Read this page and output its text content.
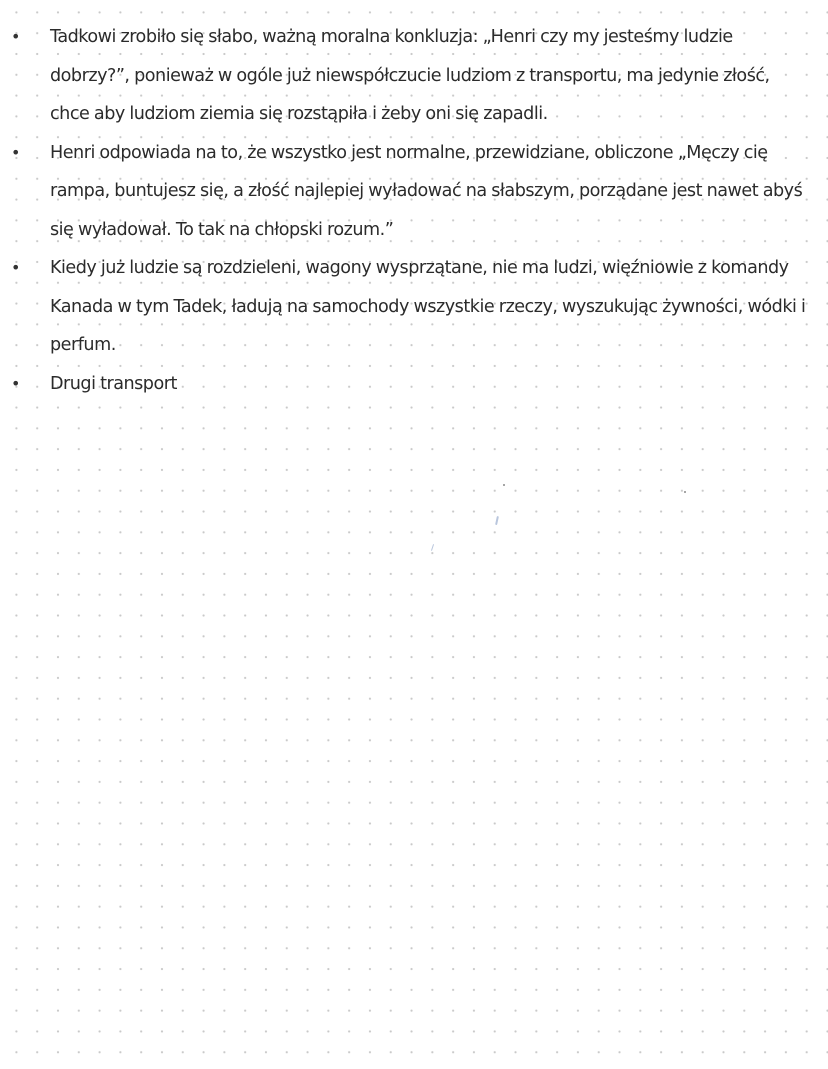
• Tadkowi zrobiło się słabo, ważną moralna konkluzja: „Henri czy my jesteśmy ludzie dobrzy?”, ponieważ w ogóle już niewspółczucie ludziom z transportu, ma jedynie złość, chce aby ludziom ziemia się rozstąpiła i żeby oni się zapadli.
• Henri odpowiada na to, że wszystko jest normalne, przewidziane, obliczone „Męczy cię rampa, buntujesz się, a złość najlepiej wyładować na słabszym, porządane jest nawet abyś się wyładował. To tak na chłopski rozum.”
• Kiedy już ludzie są rozdzieleni, wagony wysprzątane, nie ma ludzi, więźniowie z komandy Kanada w tym Tadek, ładują na samochody wszystkie rzeczy, wyszukując żywności, wódki i perfum.
• Drugi transport
